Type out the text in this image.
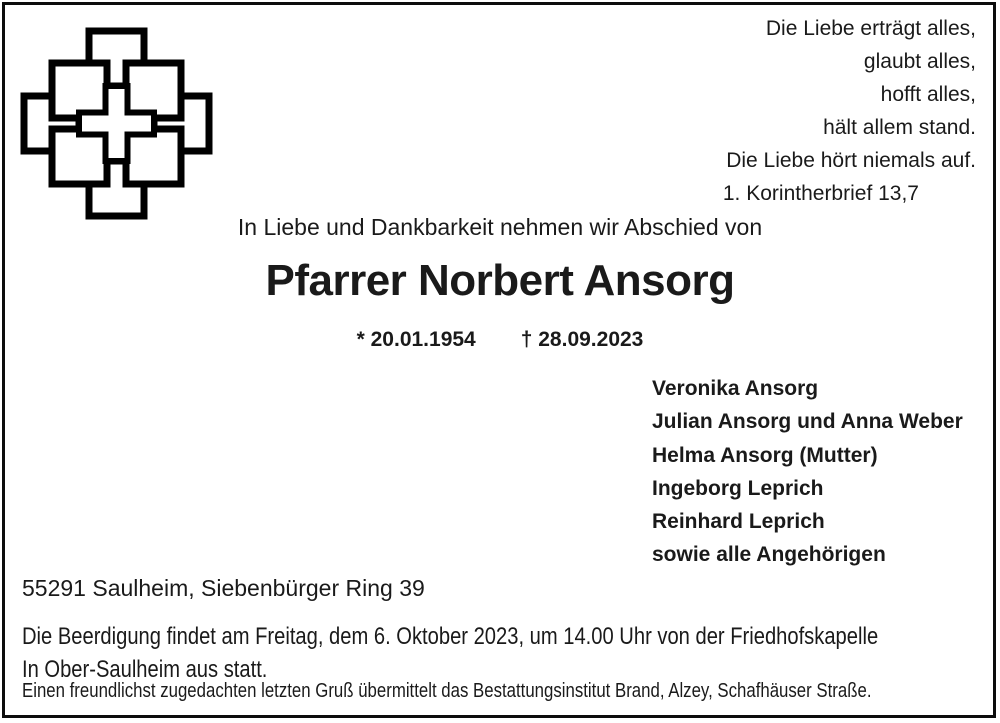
Die Liebe erträgt alles,
glaubt alles,
hofft alles,
hält allem stand.
Die Liebe hört niemals auf.
1. Korintherbrief 13,7
In Liebe und Dankbarkeit nehmen wir Abschied von
Pfarrer Norbert Ansorg
* 20.01.1954 † 28.09.2023
Veronika Ansorg
Julian Ansorg und Anna Weber
Helma Ansorg (Mutter)
Ingeborg Leprich
Reinhard Leprich
sowie alle Angehörigen
55291 Saulheim, Siebenbürger Ring 39
Die Beerdigung findet am Freitag, dem 6. Oktober 2023, um 14.00 Uhr von der Friedhofskapelle
In Ober-Saulheim aus statt.
Einen freundlichst zugedachten letzten Gruß übermittelt das Bestattungsinstitut Brand, Alzey, Schafhäuser Straße.
